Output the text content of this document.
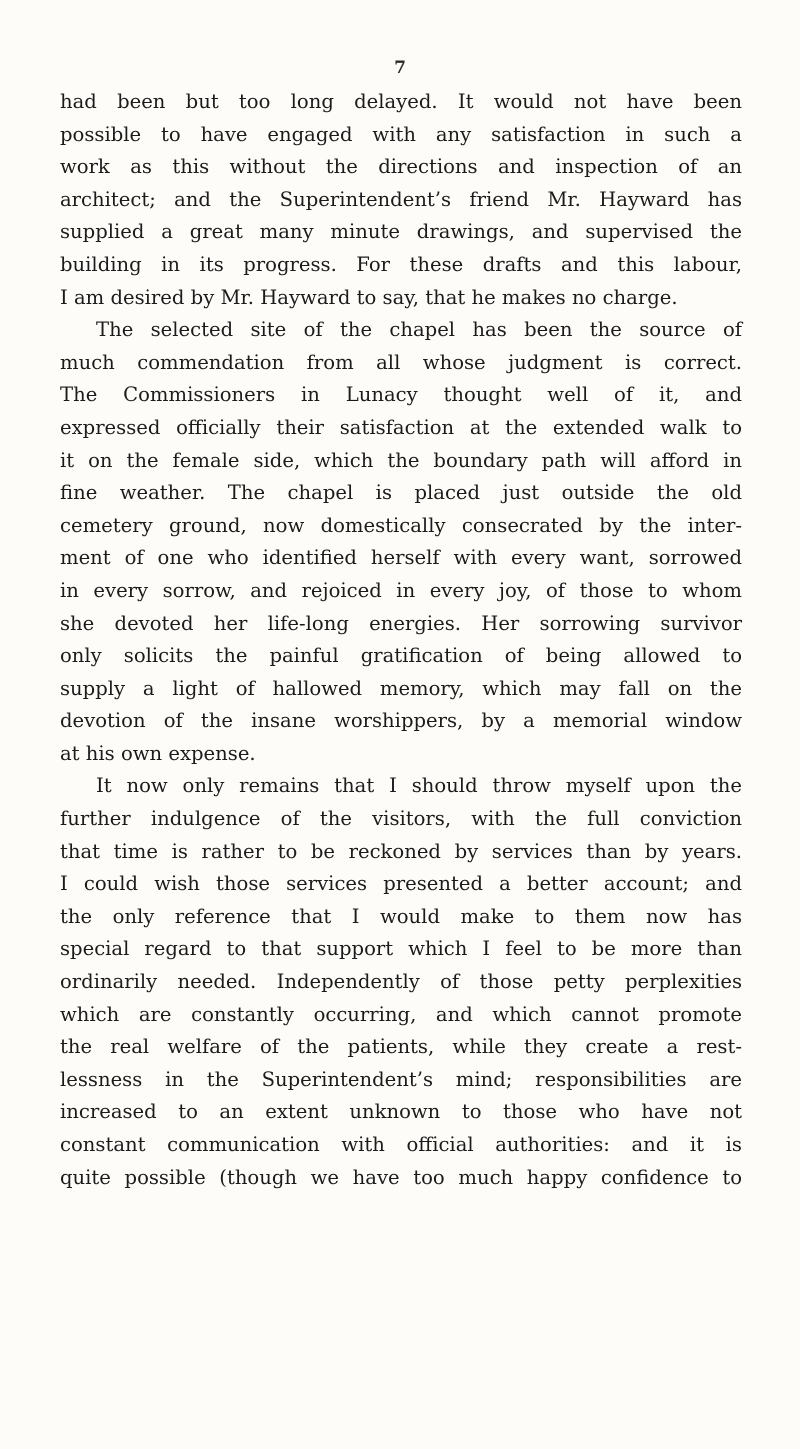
7
had been but too long delayed. It would not have been
possible to have engaged with any satisfaction in such a
work as this without the directions and inspection of an
architect; and the Superintendent’s friend Mr. Hayward has
supplied a great many minute drawings, and supervised the
building in its progress. For these drafts and this labour,
I am desired by Mr. Hayward to say, that he makes no charge.
The selected site of the chapel has been the source of
much commendation from all whose judgment is correct.
The Commissioners in Lunacy thought well of it, and
expressed officially their satisfaction at the extended walk to
it on the female side, which the boundary path will afford in
fine weather. The chapel is placed just outside the old
cemetery ground, now domestically consecrated by the inter-
ment of one who identified herself with every want, sorrowed
in every sorrow, and rejoiced in every joy, of those to whom
she devoted her life-long energies. Her sorrowing survivor
only solicits the painful gratification of being allowed to
supply a light of hallowed memory, which may fall on the
devotion of the insane worshippers, by a memorial window
at his own expense.
It now only remains that I should throw myself upon the
further indulgence of the visitors, with the full conviction
that time is rather to be reckoned by services than by years.
I could wish those services presented a better account; and
the only reference that I would make to them now has
special regard to that support which I feel to be more than
ordinarily needed. Independently of those petty perplexities
which are constantly occurring, and which cannot promote
the real welfare of the patients, while they create a rest-
lessness in the Superintendent’s mind; responsibilities are
increased to an extent unknown to those who have not
constant communication with official authorities: and it is
quite possible (though we have too much happy confidence to
